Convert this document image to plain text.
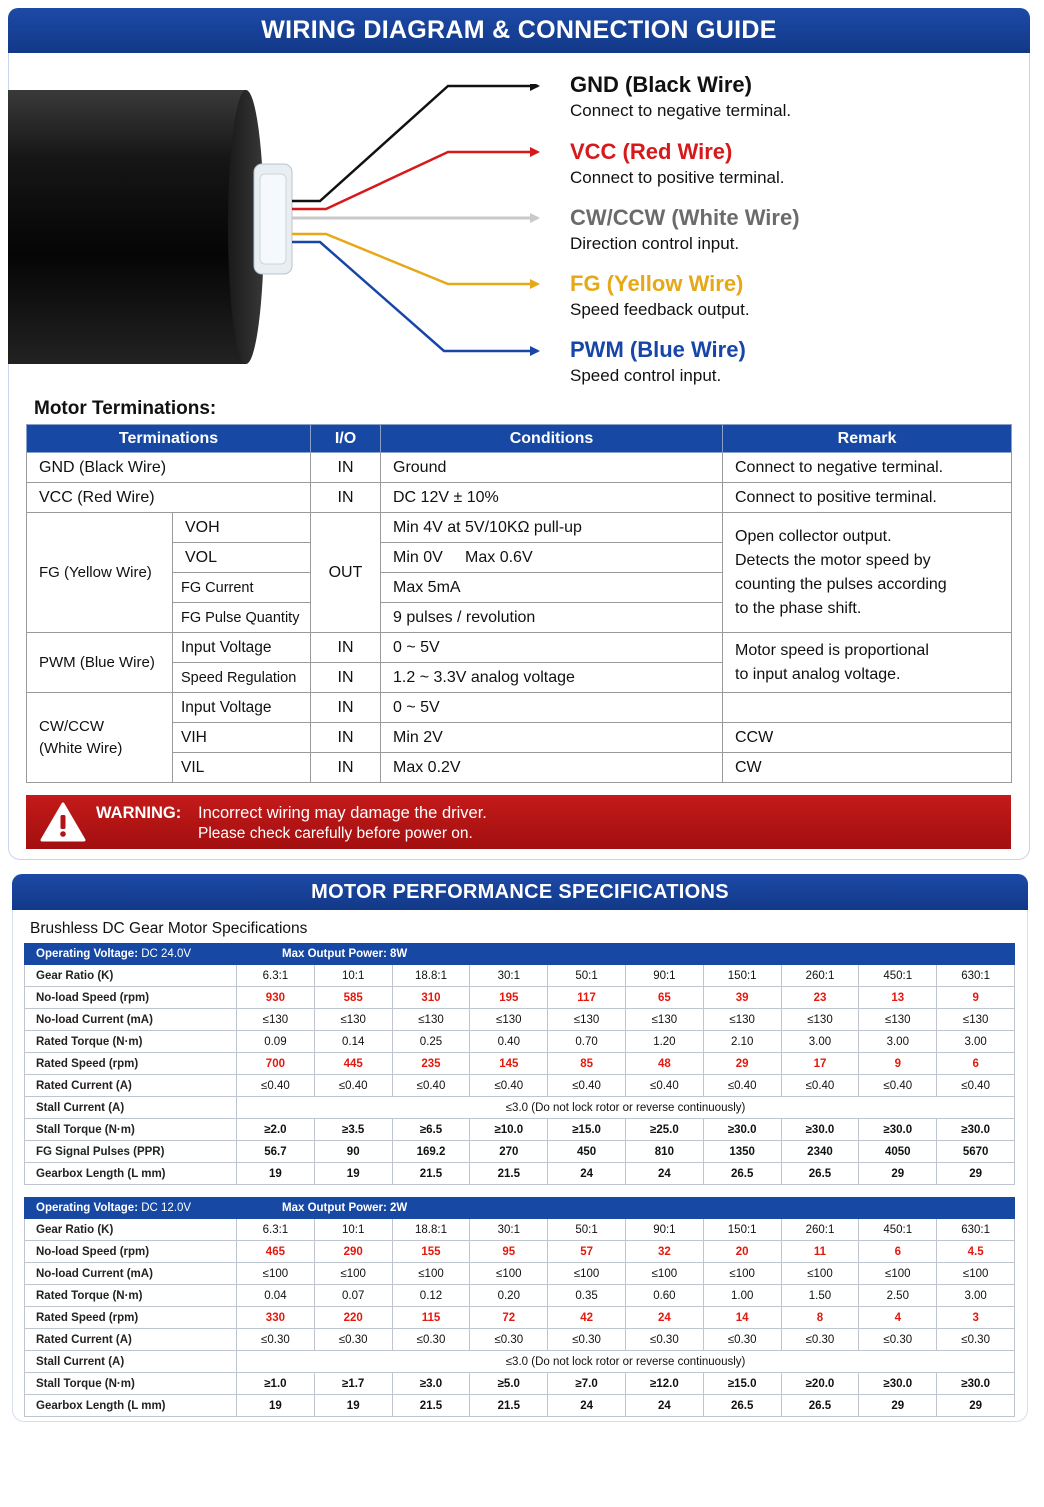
WIRING DIAGRAM & CONNECTION GUIDE
GND (Black Wire)
Connect to negative terminal.
VCC (Red Wire)
Connect to positive terminal.
CW/CCW (White Wire)
Direction control input.
FG (Yellow Wire)
Speed feedback output.
PWM (Blue Wire)
Speed control input.
Motor Terminations:
Terminations		I/O	Conditions	Remark
GND (Black Wire)		IN	Ground	Connect to negative terminal.
VCC (Red Wire)		IN	DC 12V ± 10%	Connect to positive terminal.
FG (Yellow Wire)	VOH	OUT	Min 4V at 5V/10KΩ pull-up	Open collector output.
Detects the motor speed by
counting the pulses according
to the phase shift.

	VOL		Min 0V     Max 0.6V	
	FG Current		Max 5mA	
	FG Pulse Quantity		9 pulses / revolution	
PWM (Blue Wire)	Input Voltage	IN	0 ~ 5V	Motor speed is proportional
to input analog voltage.

	Speed Regulation	IN	1.2 ~ 3.3V analog voltage	

CW/CCW
(White Wire)	Input Voltage	IN	0 ~ 5V	
	VIH	IN	Min 2V	CCW
	VIL	IN	Max 0.2V	CW
WARNING: Incorrect wiring may damage the driver.
Please check carefully before power on.
MOTOR PERFORMANCE SPECIFICATIONS
Brushless DC Gear Motor Specifications
Operating Voltage: DC 24.0V	Max Output Power: 8W									
Gear Ratio (K)	6.3:1	10:1	18.8:1	30:1	50:1	90:1	150:1	260:1	450:1	630:1
No-load Speed (rpm)	930	585	310	195	117	65	39	23	13	9
No-load Current (mA)	≤130	≤130	≤130	≤130	≤130	≤130	≤130	≤130	≤130	≤130
Rated Torque (N·m)	0.09	0.14	0.25	0.40	0.70	1.20	2.10	3.00	3.00	3.00
Rated Speed (rpm)	700	445	235	145	85	48	29	17	9	6
Rated Current (A)	≤0.40	≤0.40	≤0.40	≤0.40	≤0.40	≤0.40	≤0.40	≤0.40	≤0.40	≤0.40
Stall Current (A)	≤3.0 (Do not lock rotor or reverse continuously)									
Stall Torque (N·m)	≥2.0	≥3.5	≥6.5	≥10.0	≥15.0	≥25.0	≥30.0	≥30.0	≥30.0	≥30.0
FG Signal Pulses (PPR)	56.7	90	169.2	270	450	810	1350	2340	4050	5670
Gearbox Length (L mm)	19	19	21.5	21.5	24	24	26.5	26.5	29	29
Operating Voltage: DC 12.0V	Max Output Power: 2W									
Gear Ratio (K)	6.3:1	10:1	18.8:1	30:1	50:1	90:1	150:1	260:1	450:1	630:1
No-load Speed (rpm)	465	290	155	95	57	32	20	11	6	4.5
No-load Current (mA)	≤100	≤100	≤100	≤100	≤100	≤100	≤100	≤100	≤100	≤100
Rated Torque (N·m)	0.04	0.07	0.12	0.20	0.35	0.60	1.00	1.50	2.50	3.00
Rated Speed (rpm)	330	220	115	72	42	24	14	8	4	3
Rated Current (A)	≤0.30	≤0.30	≤0.30	≤0.30	≤0.30	≤0.30	≤0.30	≤0.30	≤0.30	≤0.30
Stall Current (A)	≤3.0 (Do not lock rotor or reverse continuously)									
Stall Torque (N·m)	≥1.0	≥1.7	≥3.0	≥5.0	≥7.0	≥12.0	≥15.0	≥20.0	≥30.0	≥30.0
Gearbox Length (L mm)	19	19	21.5	21.5	24	24	26.5	26.5	29	29
